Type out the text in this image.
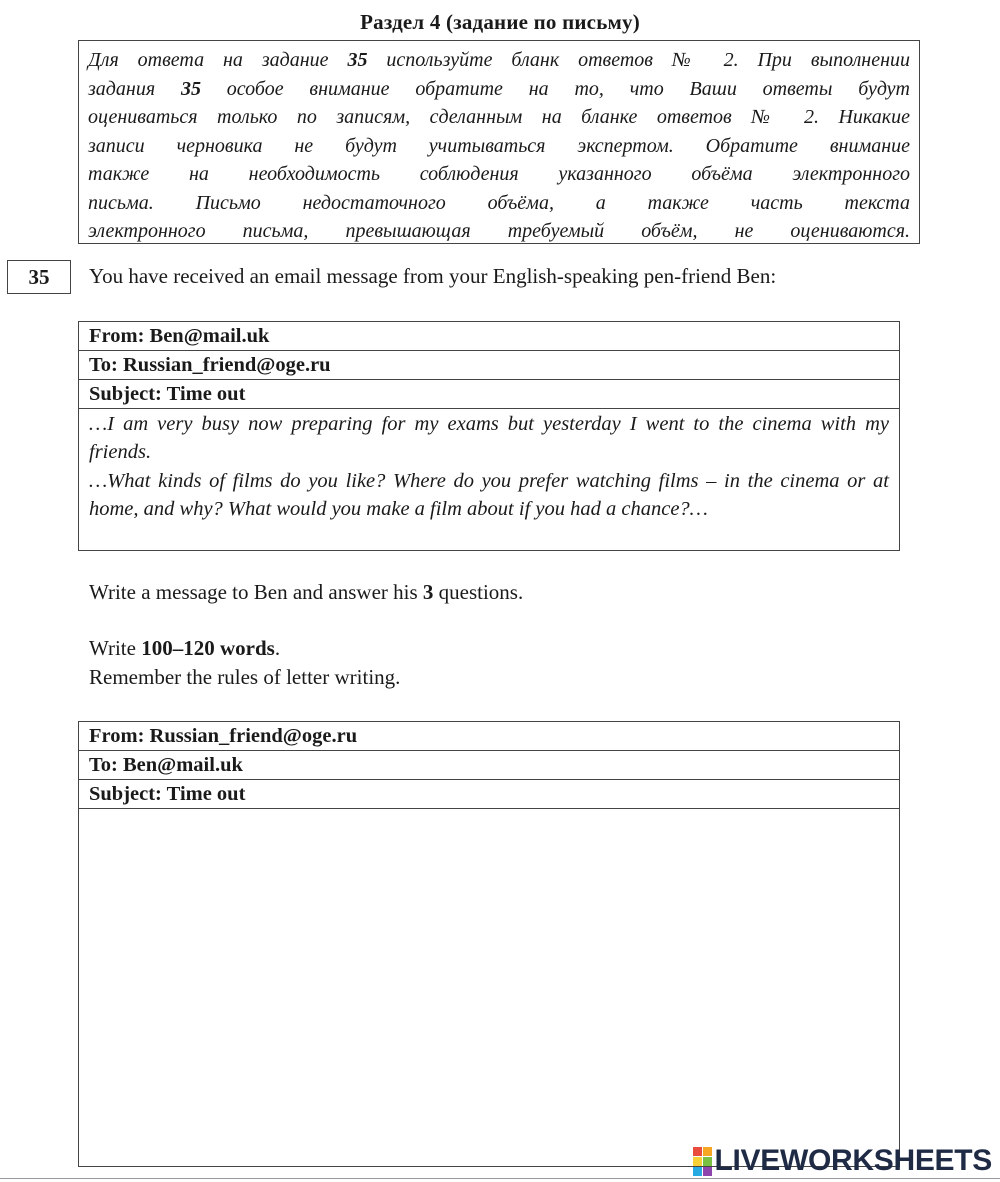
Раздел 4 (задание по письму)
Для ответа на задание 35 используйте бланк ответов № 2. При выполнении
задания 35 особое внимание обратите на то, что Ваши ответы будут
оцениваться только по записям, сделанным на бланке ответов № 2. Никакие
записи черновика не будут учитываться экспертом. Обратите внимание
также на необходимость соблюдения указанного объёма электронного
письма. Письмо недостаточного объёма, а также часть текста
электронного письма, превышающая требуемый объём, не оцениваются.
35	You have received an email message from your English-speaking pen-friend Ben:
From: Ben@mail.uk
To: Russian_friend@oge.ru
Subject: Time out

…I am very busy now preparing for my exams but yesterday I went to the cinema with my friends.

…What kinds of films do you like? Where do you prefer watching films – in the cinema or at home, and why? What would you make a film about if you had a chance?…

Write a message to Ben and answer his 3 questions.
Write 100–120 words.
Remember the rules of letter writing.
From: Russian_friend@oge.ru
To: Ben@mail.uk
Subject: Time out
LIVEWORKSHEETS
